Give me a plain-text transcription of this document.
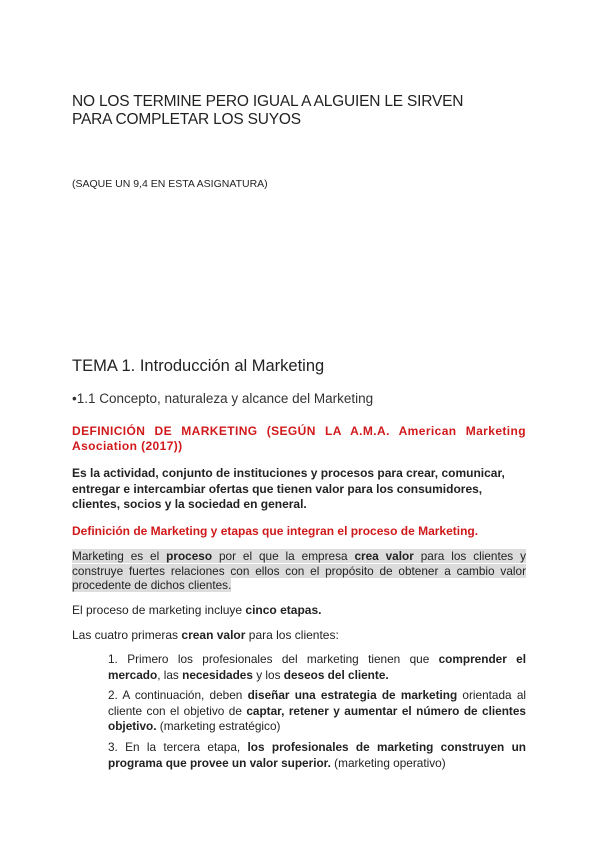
NO LOS TERMINE PERO IGUAL A ALGUIEN LE SIRVEN
PARA COMPLETAR LOS SUYOS
(SAQUE UN 9,4 EN ESTA ASIGNATURA)
TEMA 1. Introducción al Marketing
•1.1 Concepto, naturaleza y alcance del Marketing
DEFINICIÓN DE MARKETING (SEGÚN LA A.M.A. American Marketing Asociation (2017))
Es la actividad, conjunto de instituciones y procesos para crear, comunicar, entregar e intercambiar ofertas que tienen valor para los consumidores, clientes, socios y la sociedad en general.
Definición de Marketing y etapas que integran el proceso de Marketing.
Marketing es el proceso por el que la empresa crea valor para los clientes y construye fuertes relaciones con ellos con el propósito de obtener a cambio valor procedente de dichos clientes.
El proceso de marketing incluye cinco etapas.
Las cuatro primeras crean valor para los clientes:
1. Primero los profesionales del marketing tienen que comprender el mercado, las necesidades y los deseos del cliente.
2. A continuación, deben diseñar una estrategia de marketing orientada al cliente con el objetivo de captar, retener y aumentar el número de clientes objetivo. (marketing estratégico)
3. En la tercera etapa, los profesionales de marketing construyen un programa que provee un valor superior. (marketing operativo)
